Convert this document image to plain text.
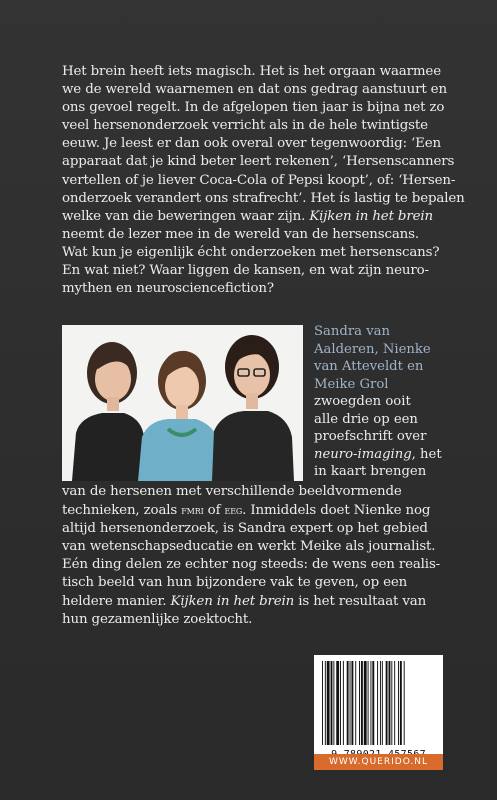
Het brein heeft iets magisch. Het is het orgaan waarmee
we de wereld waarnemen en dat ons gedrag aanstuurt en
ons gevoel regelt. In de afgelopen tien jaar is bijna net zo
veel hersenonderzoek verricht als in de hele twintigste
eeuw. Je leest er dan ook overal over tegenwoordig: ‘Een
apparaat dat je kind beter leert rekenen’, ‘Hersenscanners
vertellen of je liever Coca-Cola of Pepsi koopt’, of: ‘Hersen-
onderzoek verandert ons strafrecht’. Het ís lastig te bepalen
welke van die beweringen waar zijn. Kijken in het brein
neemt de lezer mee in de wereld van de hersenscans.
Wat kun je eigenlijk écht onderzoeken met hersenscans?
En wat niet? Waar liggen de kansen, en wat zijn neuro-
mythen en neurosciencefiction?
Sandra van
Aalderen, Nienke
van Atteveldt en
Meike Grol
zwoegden ooit
alle drie op een
proefschrift over
neuro-imaging, het
in kaart brengen
van de hersenen met verschillende beeldvormende
technieken, zoals fmri of eeg. Inmiddels doet Nienke nog
altijd hersenonderzoek, is Sandra expert op het gebied
van wetenschapseducatie en werkt Meike als journalist.
Eén ding delen ze echter nog steeds: de wens een realis-
tisch beeld van hun bijzondere vak te geven, op een
heldere manier. Kijken in het brein is het resultaat van
hun gezamenlijke zoektocht.
WWW.QUERIDO.NL
